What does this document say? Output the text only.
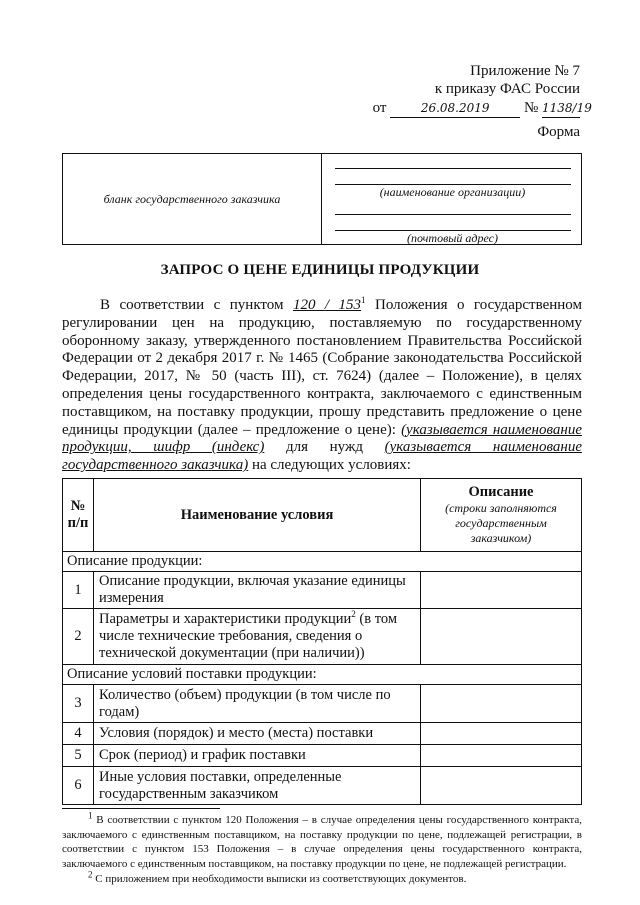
Приложение № 7
к приказу ФАС России
от	26.08.2019 № 1138/19
Форма
бланк государственного заказчика	(наименование организации)
(почтовый адрес)
ЗАПРОС О ЦЕНЕ ЕДИНИЦЫ ПРОДУКЦИИ

В соответствии с пунктом $120 / 153^1$ Положения о государственном регулировании цен на продукцию, поставляемую по государственному оборонному заказу, утвержденного постановлением Правительства Российской Федерации от 2 декабря 2017 г. № 1465 (Собрание законодательства Российской Федерации, 2017, № 50 (часть III), ст. 7624) (далее – Положение), в целях определения цены государственного контракта, заключаемого с единственным поставщиком, на поставку продукции, прошу представить предложение о цене единицы продукции (далее – предложение о цене): (указывается наименование продукции, шифр (индекс) для нужд (указывается наименование государственного заказчика) на следующих условиях:

№ п/п	Наименование условия	Описание
(строки заполняются государственным заказчиком)

Описание продукции:		
1	Описание продукции, включая указание единицы измерения	
2	Параметры и характеристики продукции$^2$ (в том числе технические требования, сведения о технической документации (при наличии))	
Описание условий поставки продукции:		
3	Количество (объем) продукции (в том числе по годам)	
4	Условия (порядок) и место (места) поставки	
5	Срок (период) и график поставки	
6	Иные условия поставки, определенные государственным заказчиком	

$^1$ В соответствии с пунктом 120 Положения – в случае определения цены государственного контракта, заключаемого с единственным поставщиком, на поставку продукции по цене, подлежащей регистрации, в соответствии с пунктом 153 Положения – в случае определения цены государственного контракта, заключаемого с единственным поставщиком, на поставку продукции по цене, не подлежащей регистрации.

$^2$ С приложением при необходимости выписки из соответствующих документов.
